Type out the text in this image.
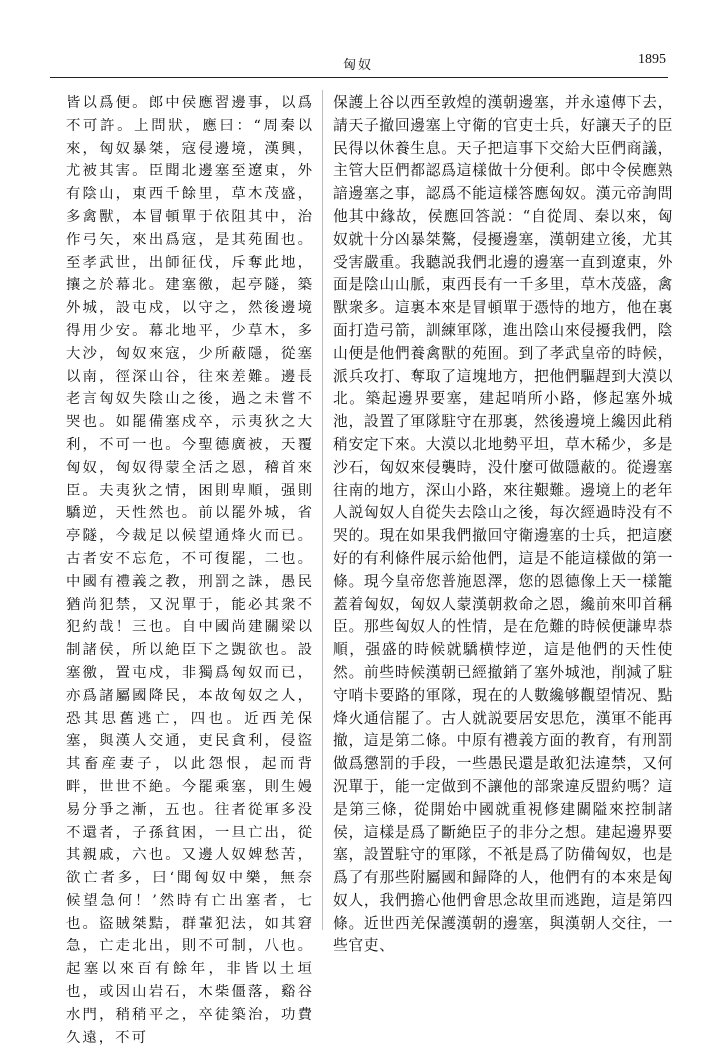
匈奴	1895

皆以爲便。郎中侯應習邊事，以爲不可許。上問狀，應曰：“周秦以來，匈奴暴桀，寇侵邊境，漢興，尤被其害。臣聞北邊塞至遼東，外有陰山，東西千餘里，草木茂盛，多禽獸，本冒頓單于依阻其中，治作弓矢，來出爲寇，是其苑囿也。至孝武世，出師征伐，斥奪此地，攘之於幕北。建塞徼，起亭隧，築外城，設屯戍，以守之，然後邊境得用少安。幕北地平，少草木，多大沙，匈奴來寇，少所蔽隱，從塞以南，徑深山谷，往來差難。邊長老言匈奴失陰山之後，過之未嘗不哭也。如罷備塞戍卒，示夷狄之大利，不可一也。今聖德廣被，天覆匈奴，匈奴得蒙全活之恩，稽首來臣。夫夷狄之情，困則卑順，强則驕逆，天性然也。前以罷外城，省亭隧，今裁足以候望通烽火而已。古者安不忘危，不可復罷，二也。中國有禮義之教，刑罰之誅，愚民猶尚犯禁，又況單于，能必其衆不犯約哉！三也。自中國尚建關梁以制諸侯，所以絶臣下之覬欲也。設塞徼，置屯戍，非獨爲匈奴而已，亦爲諸屬國降民，本故匈奴之人，恐其思舊逃亡，四也。近西羌保塞，與漢人交通，吏民貪利，侵盜其畜産妻子，以此怨恨，起而背畔，世世不絶。今罷乘塞，則生嫚易分爭之漸，五也。往者從軍多没不還者，子孫貧困，一旦亡出，從其親戚，六也。又邊人奴婢愁苦，欲亡者多，曰‘聞匈奴中樂，無奈候望急何！’然時有亡出塞者，七也。盜賊桀黠，群輩犯法，如其窘急，亡走北出，則不可制，八也。起塞以來百有餘年，非皆以土垣也，或因山岩石，木柴僵落，谿谷水門，稍稍平之，卒徒築治，功費久遠，不可

保護上谷以西至敦煌的漢朝邊塞，并永遠傳下去，請天子撤回邊塞上守衛的官吏士兵，好讓天子的臣民得以休養生息。天子把這事下交給大臣們商議，主管大臣們都認爲這樣做十分便利。郎中令侯應熟諳邊塞之事，認爲不能這樣答應匈奴。漢元帝詢問他其中緣故，侯應回答説：“自從周、秦以來，匈奴就十分凶暴桀驁，侵擾邊塞，漢朝建立後，尤其受害嚴重。我聽説我們北邊的邊塞一直到遼東，外面是陰山山脈，東西長有一千多里，草木茂盛，禽獸衆多。這裏本來是冒頓單于憑恃的地方，他在裏面打造弓箭，訓練軍隊，進出陰山來侵擾我們，陰山便是他們養禽獸的苑囿。到了孝武皇帝的時候，派兵攻打、奪取了這塊地方，把他們驅趕到大漠以北。築起邊界要塞，建起哨所小路，修起塞外城池，設置了軍隊駐守在那裏，然後邊境上纔因此稍稍安定下來。大漠以北地勢平坦，草木稀少，多是沙石，匈奴來侵襲時，没什麼可做隱蔽的。從邊塞往南的地方，深山小路，來往艱難。邊境上的老年人説匈奴人自從失去陰山之後，每次經過時没有不哭的。現在如果我們撤回守衛邊塞的士兵，把這麽好的有利條件展示給他們，這是不能這樣做的第一條。現今皇帝您普施恩澤，您的恩德像上天一樣籠蓋着匈奴，匈奴人蒙漢朝救命之恩，纔前來叩首稱臣。那些匈奴人的性情，是在危難的時候便謙卑恭順，强盛的時候就驕横悖逆，這是他們的天性使然。前些時候漢朝已經撤銷了塞外城池，削減了駐守哨卡要路的軍隊，現在的人數纔够觀望情况、點烽火通信罷了。古人就説要居安思危，漢軍不能再撤，這是第二條。中原有禮義方面的教育，有刑罰做爲懲罰的手段，一些愚民還是敢犯法違禁，又何況單于，能一定做到不讓他的部衆違反盟約嗎？這是第三條，從開始中國就重視修建關隘來控制諸侯，這樣是爲了斷絶臣子的非分之想。建起邊界要塞，設置駐守的軍隊，不衹是爲了防備匈奴，也是爲了有那些附屬國和歸降的人，他們有的本來是匈奴人，我們擔心他們會思念故里而逃跑，這是第四條。近世西羌保護漢朝的邊塞，與漢朝人交往，一些官吏、
